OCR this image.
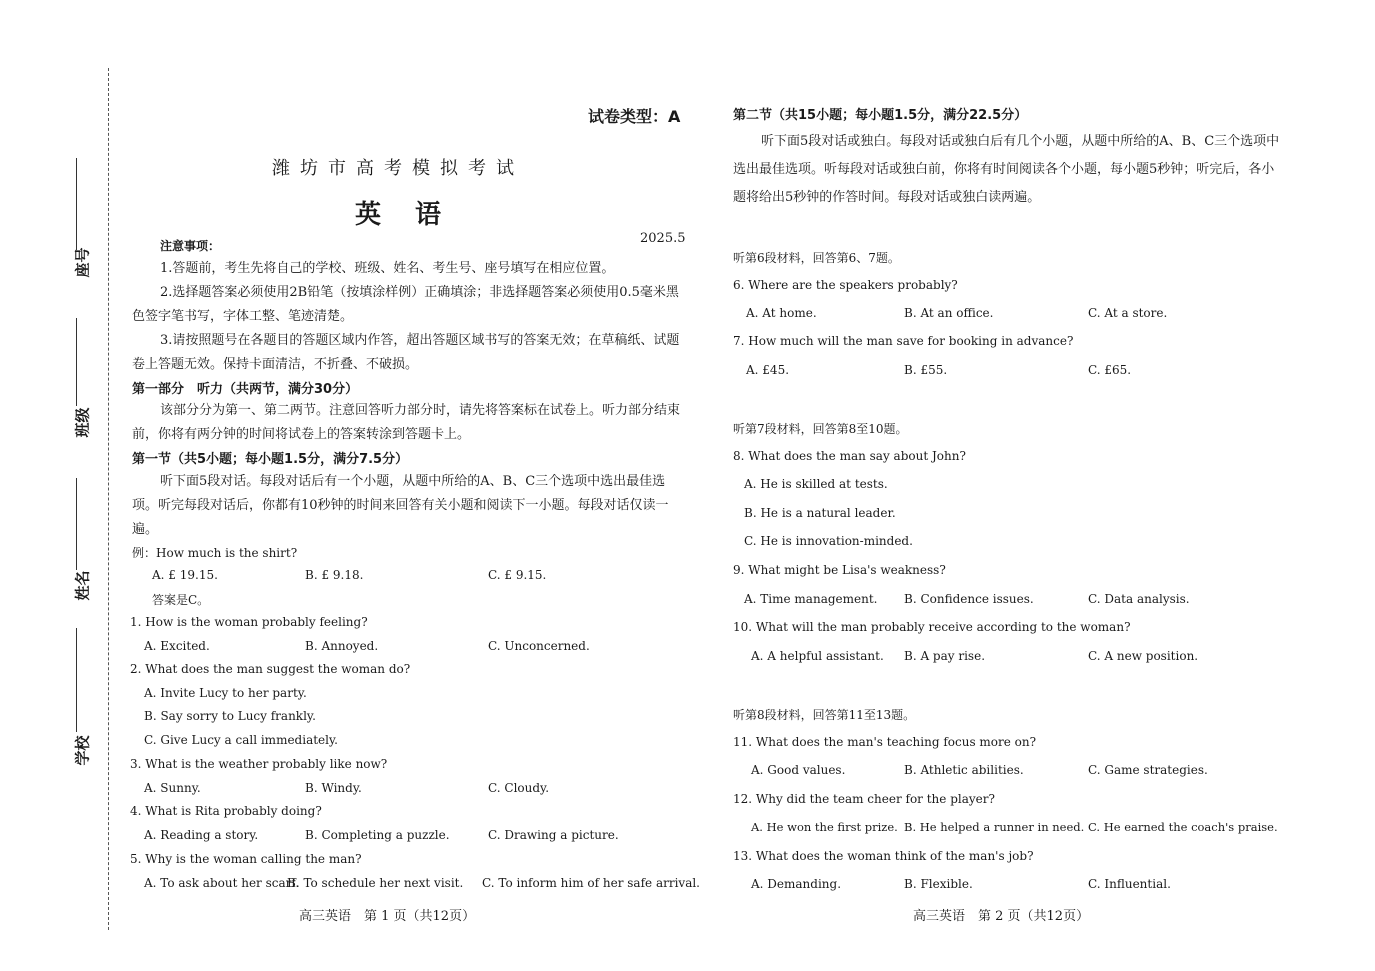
座号
班级
姓名
学校
试卷类型：A
潍坊市高考模拟考试
英语
2025.5
注意事项：
1.答题前，考生先将自己的学校、班级、姓名、考生号、座号填写在相应位置。
2.选择题答案必须使用2B铅笔（按填涂样例）正确填涂；非选择题答案必须使用0.5毫米黑色签字笔书写，字体工整、笔迹清楚。
3.请按照题号在各题目的答题区域内作答，超出答题区域书写的答案无效；在草稿纸、试题卷上答题无效。保持卡面清洁，不折叠、不破损。
第一部分　听力（共两节，满分30分）
该部分分为第一、第二两节。注意回答听力部分时，请先将答案标在试卷上。听力部分结束前，你将有两分钟的时间将试卷上的答案转涂到答题卡上。
第一节（共5小题；每小题1.5分，满分7.5分）
听下面5段对话。每段对话后有一个小题，从题中所给的A、B、C三个选项中选出最佳选项。听完每段对话后，你都有10秒钟的时间来回答有关小题和阅读下一小题。每段对话仅读一遍。
例：How much is the shirt?
A. £ 19.15.	B. £ 9.18.	C. £ 9.15.
答案是C。
1. How is the woman probably feeling?
A. Excited.	B. Annoyed.	C. Unconcerned.
2. What does the man suggest the woman do?
A. Invite Lucy to her party.
B. Say sorry to Lucy frankly.
C. Give Lucy a call immediately.
3. What is the weather probably like now?
A. Sunny.	B. Windy.	C. Cloudy.
4. What is Rita probably doing?
A. Reading a story.	B. Completing a puzzle.	C. Drawing a picture.
5. Why is the woman calling the man?
A. To ask about her scarf.
B. To schedule her next visit. C. To inform him of her safe arrival.
高三英语　第 1 页（共12页）
第二节（共15小题；每小题1.5分，满分22.5分）
听下面5段对话或独白。每段对话或独白后有几个小题，从题中所给的A、B、C三个选项中选出最佳选项。听每段对话或独白前，你将有时间阅读各个小题，每小题5秒钟；听完后，各小题将给出5秒钟的作答时间。每段对话或独白读两遍。
听第6段材料，回答第6、7题。
6. Where are the speakers probably?
A. At home.	B. At an office.	C. At a store.
7. How much will the man save for booking in advance?
A. £45.	B. £55.	C. £65.
听第7段材料，回答第8至10题。
8. What does the man say about John?
A. He is skilled at tests.
B. He is a natural leader.
C. He is innovation-minded.
9. What might be Lisa's weakness?
A. Time management. B. Confidence issues.	C. Data analysis.
10. What will the man probably receive according to the woman?
A. A helpful assistant. B. A pay rise.	C. A new position.
听第8段材料，回答第11至13题。
11. What does the man's teaching focus more on?
A. Good values.	B. Athletic abilities.	C. Game strategies.
12. Why did the team cheer for the player?
A. He won the first prize. B. He helped a runner in need. C. He earned the coach's praise.
13. What does the woman think of the man's job?
A. Demanding.	B. Flexible.	C. Influential.
高三英语　第 2 页（共12页）
